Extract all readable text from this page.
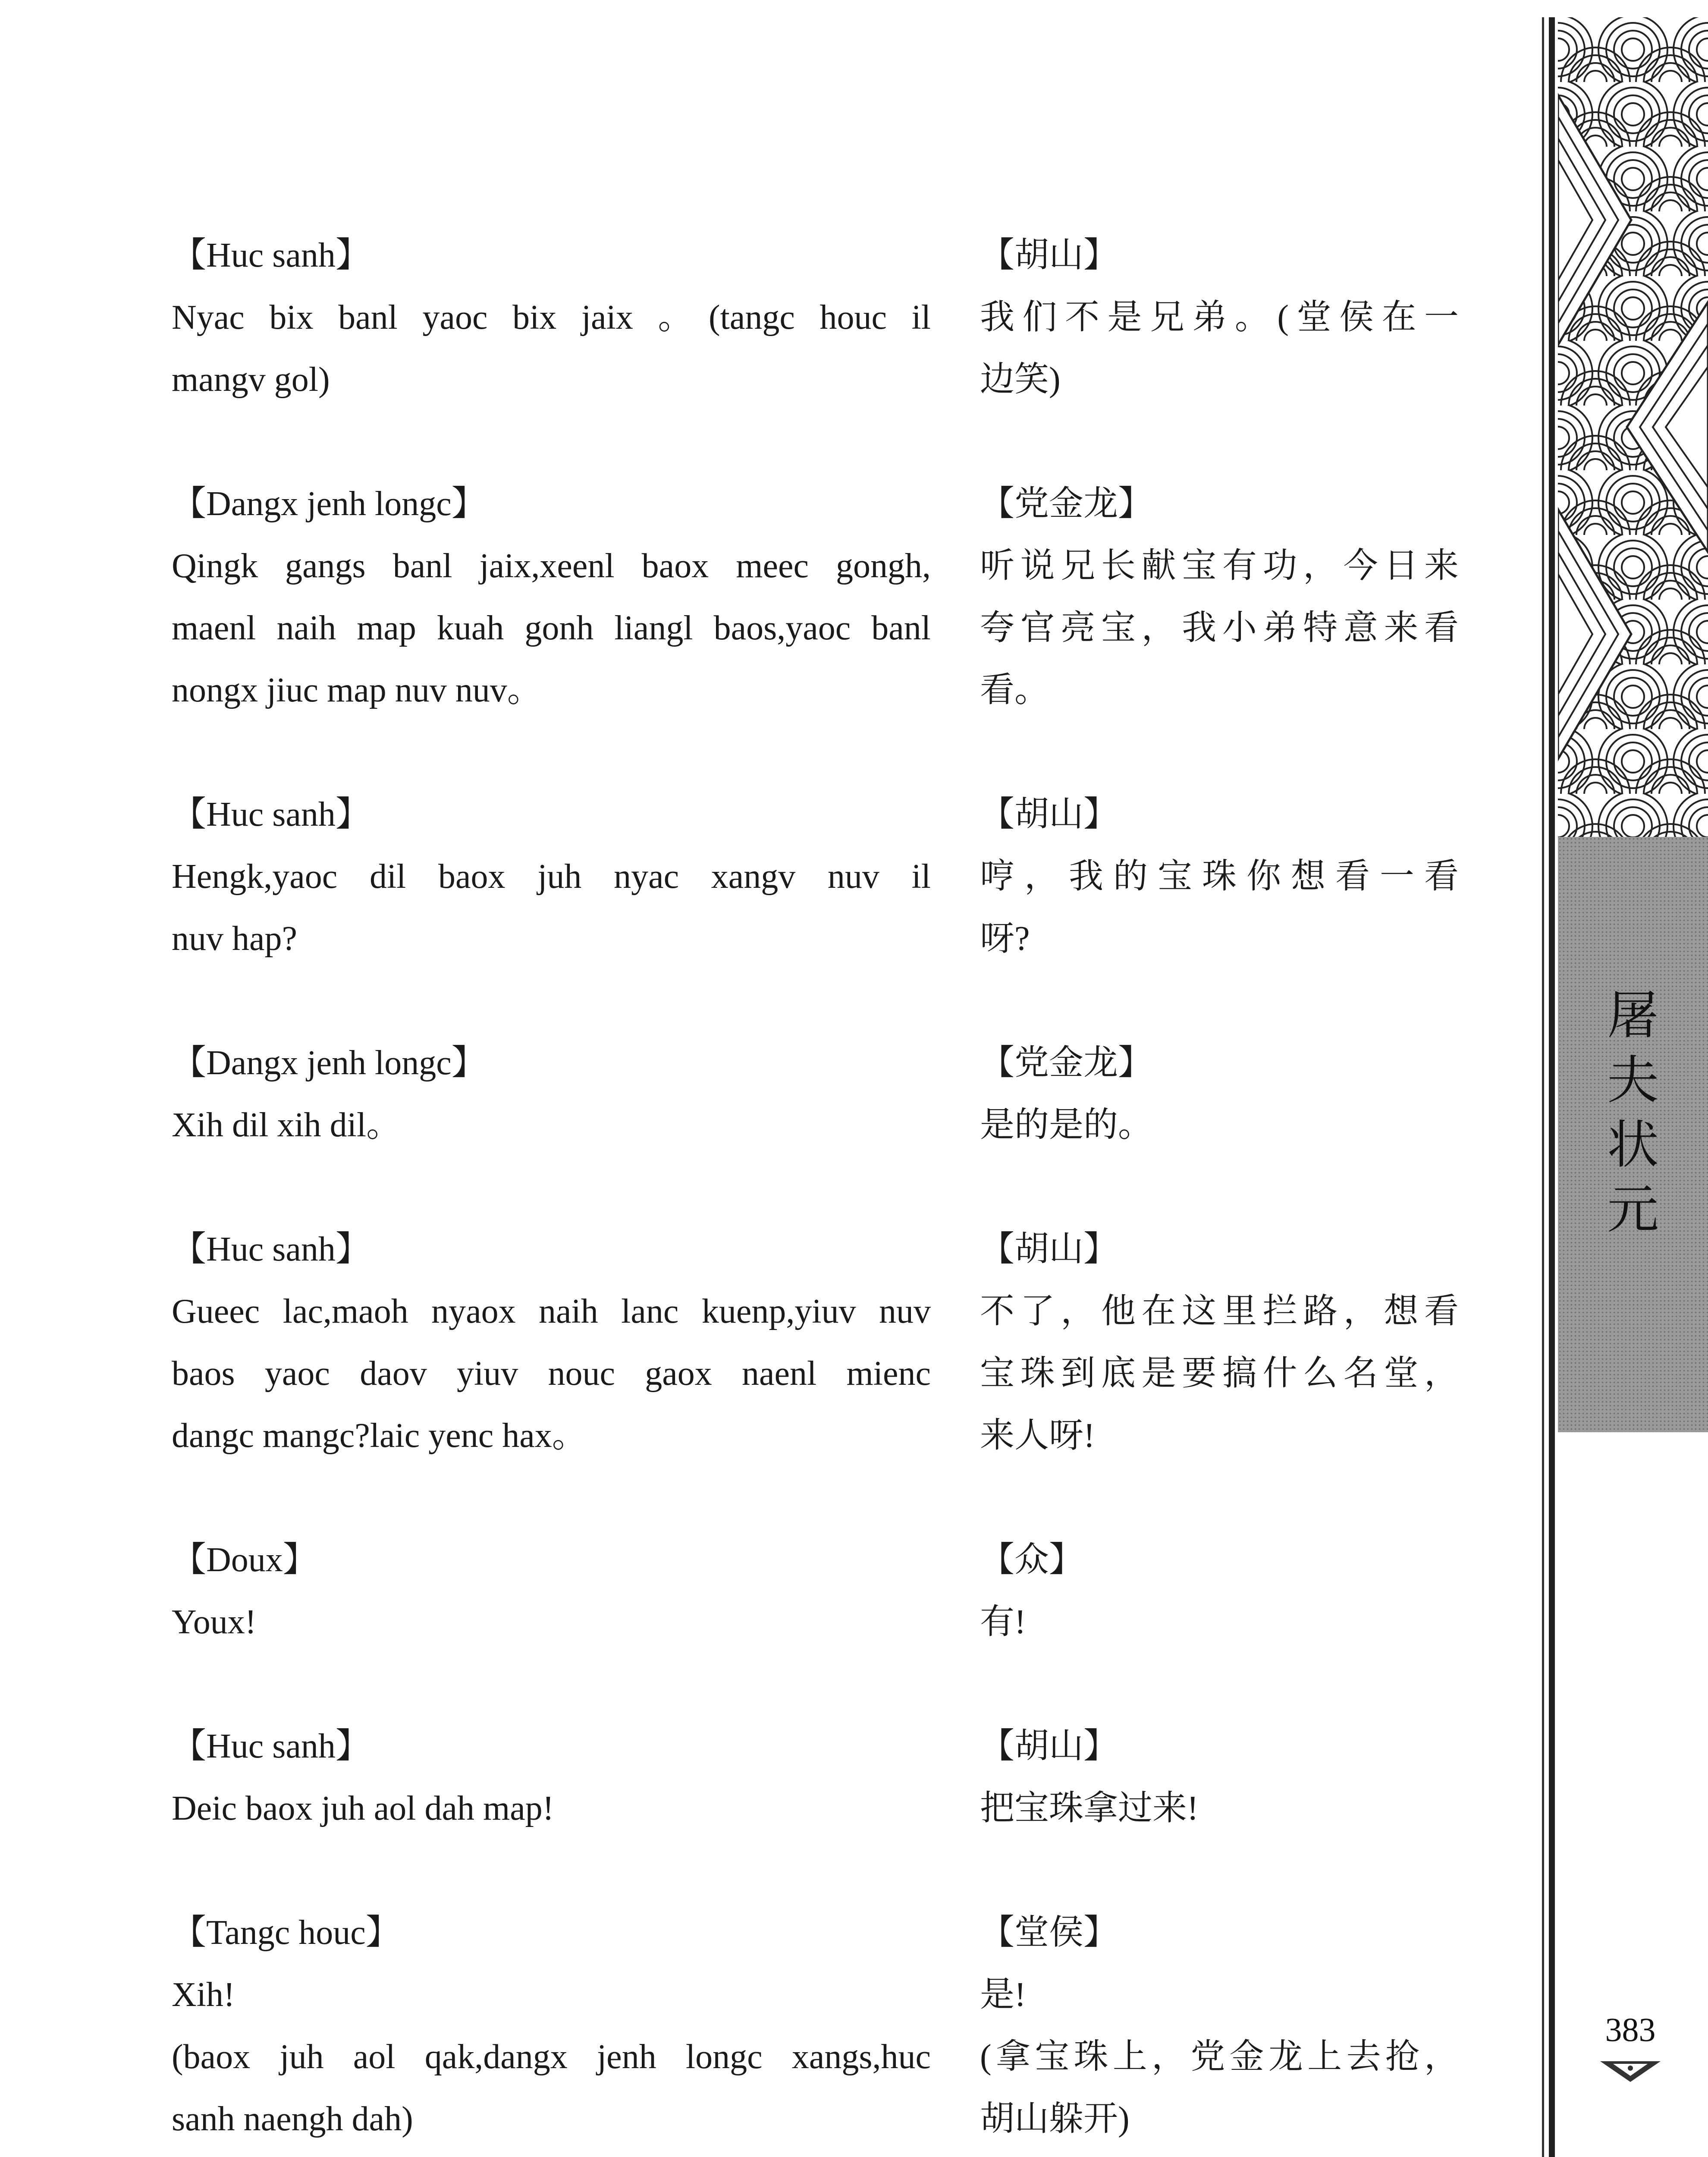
【Huc sanh】
Nyac bix banl yaoc bix jaix 。(tangc houc il
mangv gol)
【Dangx jenh longc】
Qingk gangs banl jaix,xeenl baox meec gongh,
maenl naih map kuah gonh liangl baos,yaoc banl
nongx jiuc map nuv nuv。
【Huc sanh】
Hengk,yaoc dil baox juh nyac xangv nuv il
nuv hap?
【Dangx jenh longc】
Xih dil xih dil。
【Huc sanh】
Gueec lac,maoh nyaox naih lanc kuenp,yiuv nuv
baos yaoc daov yiuv nouc gaox naenl mienc
dangc mangc?laic yenc hax。
【Doux】
Youx!
【Huc sanh】
Deic baox juh aol dah map!
【Tangc houc】
Xih!
(baox juh aol qak,dangx jenh longc xangs,huc
sanh naengh dah)
【胡山】
我们不是兄弟。(堂侯在一
边笑)
【党金龙】
听说兄长献宝有功，今日来
夸官亮宝，我小弟特意来看
看。
【胡山】
哼，我的宝珠你想看一看
呀?
【党金龙】
是的是的。
【胡山】
不了，他在这里拦路，想看
宝珠到底是要搞什么名堂，
来人呀!
【众】
有!
【胡山】
把宝珠拿过来!
【堂侯】
是!
(拿宝珠上，党金龙上去抢，
胡山躲开)
屠
夫
状
元
383
